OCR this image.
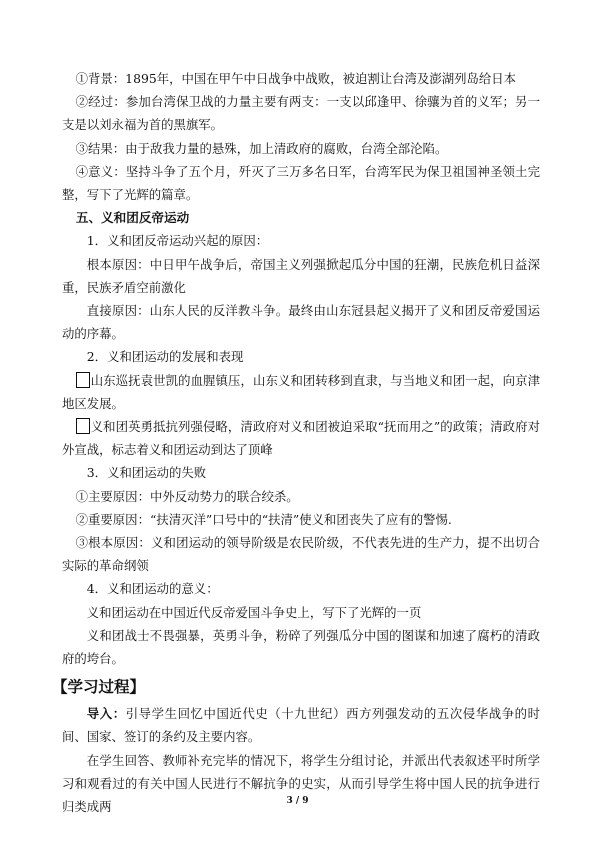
①背景：1895年，中国在甲午中日战争中战败，被迫割让台湾及澎湖列岛给日本

②经过：参加台湾保卫战的力量主要有两支：一支以邱逢甲、徐骧为首的义军；另一支是以刘永福为首的黑旗军。

③结果：由于敌我力量的悬殊，加上清政府的腐败，台湾全部沦陷。

④意义：坚持斗争了五个月，歼灭了三万多名日军，台湾军民为保卫祖国神圣领土完整，写下了光辉的篇章。

五、义和团反帝运动

1．义和团反帝运动兴起的原因：

根本原因：中日甲午战争后，帝国主义列强掀起瓜分中国的狂潮，民族危机日益深重，民族矛盾空前激化

直接原因：山东人民的反洋教斗争。最终由山东冠县起义揭开了义和团反帝爱国运动的序幕。

2．义和团运动的发展和表现

山东巡抚袁世凯的血腥镇压，山东义和团转移到直隶，与当地义和团一起，向京津地区发展。

义和团英勇抵抗列强侵略，清政府对义和团被迫采取“抚而用之”的政策；清政府对外宣战，标志着义和团运动到达了顶峰

3．义和团运动的失败

①主要原因：中外反动势力的联合绞杀。

②重要原因：“扶清灭洋”口号中的“扶清”使义和团丧失了应有的警惕.

③根本原因：义和团运动的领导阶级是农民阶级，不代表先进的生产力，提不出切合实际的革命纲领

4．义和团运动的意义：

义和团运动在中国近代反帝爱国斗争史上，写下了光辉的一页

义和团战士不畏强暴，英勇斗争，粉碎了列强瓜分中国的图谋和加速了腐朽的清政府的垮台。

【学习过程】

导入：引导学生回忆中国近代史（十九世纪）西方列强发动的五次侵华战争的时间、国家、签订的条约及主要内容。

在学生回答、教师补充完毕的情况下，将学生分组讨论，并派出代表叙述平时所学习和观看过的有关中国人民进行不解抗争的史实，从而引导学生将中国人民的抗争进行归类成两	3 / 9
